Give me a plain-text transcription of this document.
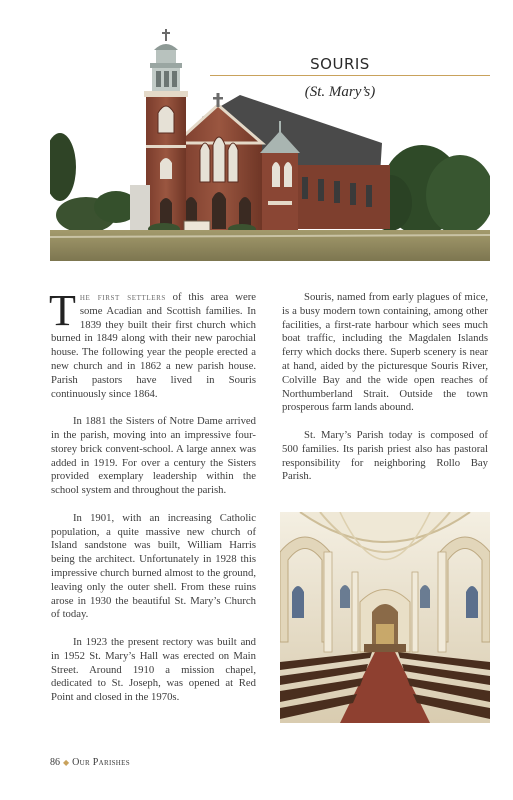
SOURIS
(St. Mary’s)

The first settlers of this area were some Acadian and Scottish families. In 1839 they built their first church which burned in 1849 along with their new parochial house. The following year the people erected a new church and in 1862 a new parish house. Parish pastors have lived in Souris continuously since 1864.

In 1881 the Sisters of Notre Dame arrived in the parish, moving into an impressive four-storey brick convent-school. A large annex was added in 1919. For over a century the Sisters provided exemplary leadership within the school system and throughout the parish.

In 1901, with an increasing Catholic population, a quite massive new church of Island sandstone was built, William Harris being the architect. Unfortunately in 1928 this impressive church burned almost to the ground, leaving only the outer shell. From these ruins arose in 1930 the beautiful St. Mary’s Church of today.

In 1923 the present rectory was built and in 1952 St. Mary’s Hall was erected on Main Street. Around 1910 a mission chapel, dedicated to St. Joseph, was opened at Red Point and closed in the 1970s.

Souris, named from early plagues of mice, is a busy modern town containing, among other facilities, a first-rate harbour which sees much boat traffic, including the Magdalen Islands ferry which docks there. Superb scenery is near at hand, aided by the picturesque Souris River, Colville Bay and the wide open reaches of Northumberland Strait. Outside the town prosperous farm lands abound.

St. Mary’s Parish today is composed of 500 families. Its parish priest also has pastoral responsibility for neighboring Rollo Bay Parish.

86 ◆ Our Parishes
